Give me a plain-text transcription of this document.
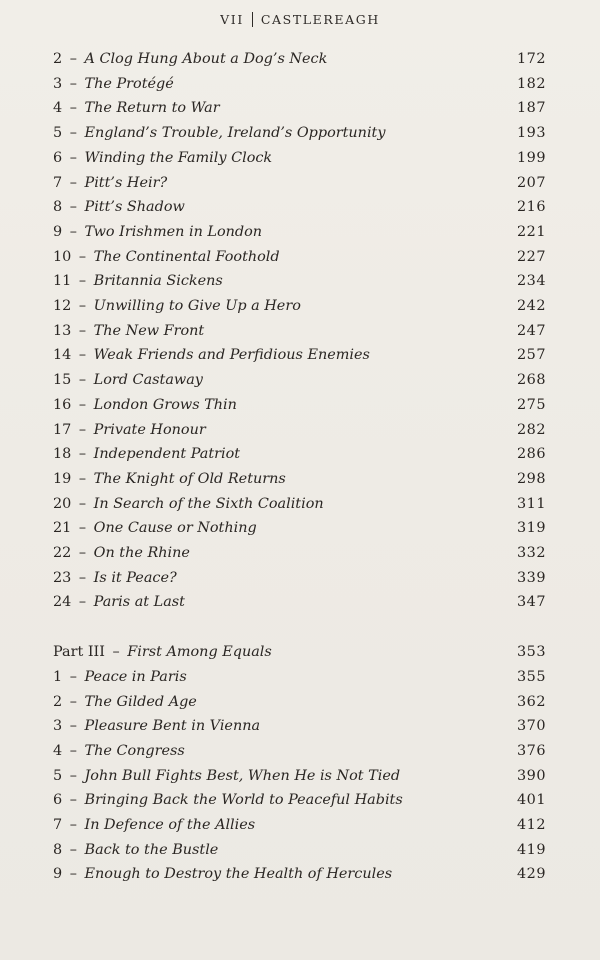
VII CASTLEREAGH
2 – A Clog Hung About a Dog’s Neck	172
3 – The Protégé	182
4 – The Return to War	187
5 – England’s Trouble, Ireland’s Opportunity	193
6 – Winding the Family Clock	199
7 – Pitt’s Heir?	207
8 – Pitt’s Shadow	216
9 – Two Irishmen in London	221
10 – The Continental Foothold	227
11 – Britannia Sickens	234
12 – Unwilling to Give Up a Hero	242
13 – The New Front	247
14 – Weak Friends and Perfidious Enemies	257
15 – Lord Castaway	268
16 – London Grows Thin	275
17 – Private Honour	282
18 – Independent Patriot	286
19 – The Knight of Old Returns	298
20 – In Search of the Sixth Coalition	311
21 – One Cause or Nothing	319
22 – On the Rhine	332
23 – Is it Peace?	339
24 – Paris at Last	347
Part III – First Among Equals	353
1 – Peace in Paris	355
2 – The Gilded Age	362
3 – Pleasure Bent in Vienna	370
4 – The Congress	376
5 – John Bull Fights Best, When He is Not Tied	390
6 – Bringing Back the World to Peaceful Habits	401
7 – In Defence of the Allies	412
8 – Back to the Bustle	419
9 – Enough to Destroy the Health of Hercules	429
